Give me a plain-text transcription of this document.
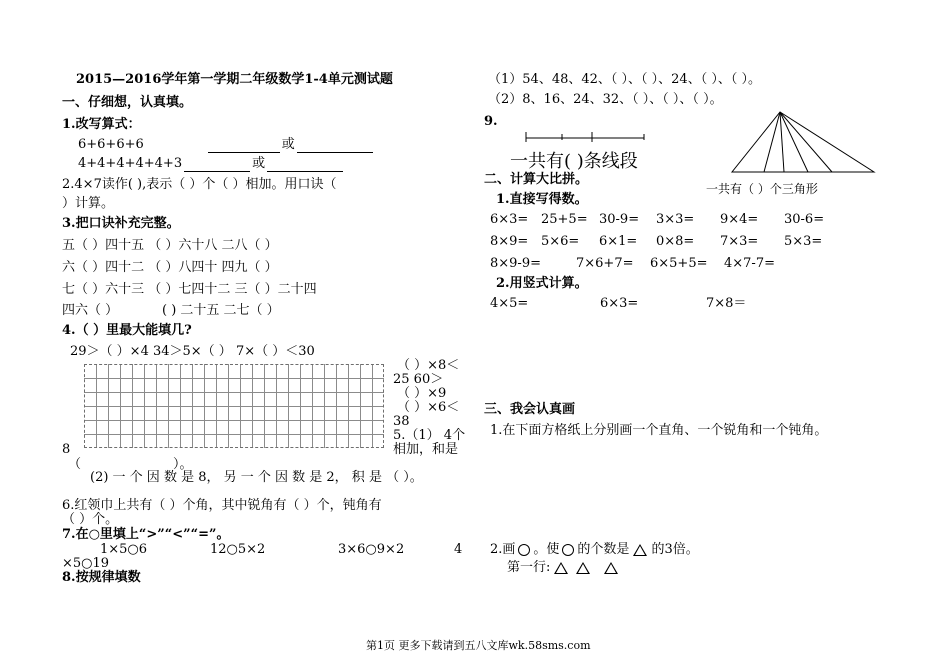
2015—2016学年第一学期二年级数学1-4单元测试题
一、仔细想，认真填。
1.改写算式：
6+6+6+6	或
4+4+4+4+4+3	或
2.4×7读作( ),表示（ ）个（ ）相加。用口诀（
）计算。
3.把口诀补充完整。
五（ ）四十五 （ ）六十八 二八（ ）
六（ ）四十二 （ ）八四十 四九（ ）
七（ ）六十三 （ ）七四十二 三（ ）二十四
四六（ ）	( ) 二十五 二七（ ）
4.（ ）里最大能填几?
29＞（ ）×4 34＞5×（ ） 7×（ ）＜30
（ ）×8＜
25 60＞
（ ）×9
（ ）×6＜
38
5.（1） 4个
相加，和是
8
（	）。
(2) 一 个 因 数 是 8， 另 一 个 因 数 是 2， 积 是 （ ）。
6.红领巾上共有（ ）个角，其中锐角有（ ）个，钝角有
（ ）个。
7.在○里填上“>”“<”“=”。
1×5○6	12○5×2	3×6○9×2	4
×5○19
8.按规律填数
（1）54、48、42、（ ）、（ ）、24、（ ）、（ ）。
（2）8、16、24、32、（ ）、（ ）、（ ）。
9.
一共有( )条线段
一共有（ ）个三角形
二、计算大比拼。
1.直接写得数。
6×3= 25+5= 30-9= 3×3= 9×4= 30-6=
8×9= 5×6= 6×1= 0×8= 7×3= 5×3=
8×9-9=	7×6+7= 6×5+5= 4×7-7=
2.用竖式计算。
4×5=	6×3=	7×8＝
三、我会认真画
1.在下面方格纸上分别画一个直角、一个锐角和一个钝角。
2.画 。使 的个数是 的3倍。
第一行:
第1页 更多下载请到五八文库wk.58sms.com
